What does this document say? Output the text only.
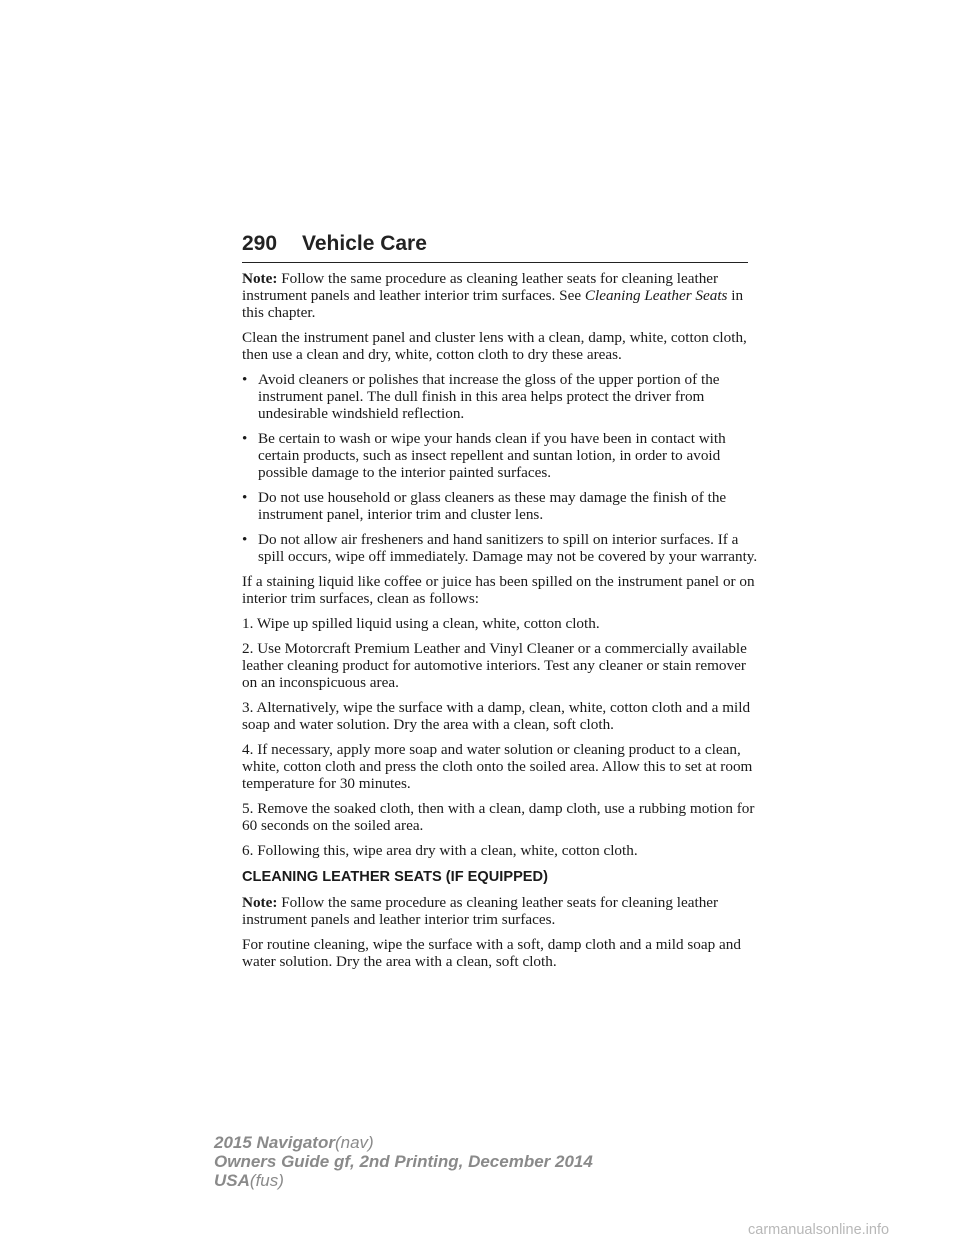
290 Vehicle Care

Note: Follow the same procedure as cleaning leather seats for cleaning leather instrument panels and leather interior trim surfaces. See Cleaning Leather Seats in this chapter.

Clean the instrument panel and cluster lens with a clean, damp, white, cotton cloth, then use a clean and dry, white, cotton cloth to dry these areas.

• Avoid cleaners or polishes that increase the gloss of the upper portion of the instrument panel. The dull finish in this area helps protect the driver from undesirable windshield reflection.
• Be certain to wash or wipe your hands clean if you have been in contact with certain products, such as insect repellent and suntan lotion, in order to avoid possible damage to the interior painted surfaces.
• Do not use household or glass cleaners as these may damage the finish of the instrument panel, interior trim and cluster lens.
• Do not allow air fresheners and hand sanitizers to spill on interior surfaces. If a spill occurs, wipe off immediately. Damage may not be covered by your warranty.

If a staining liquid like coffee or juice has been spilled on the instrument panel or on interior trim surfaces, clean as follows:

1. Wipe up spilled liquid using a clean, white, cotton cloth.

2. Use Motorcraft Premium Leather and Vinyl Cleaner or a commercially available leather cleaning product for automotive interiors. Test any cleaner or stain remover on an inconspicuous area.

3. Alternatively, wipe the surface with a damp, clean, white, cotton cloth and a mild soap and water solution. Dry the area with a clean, soft cloth.

4. If necessary, apply more soap and water solution or cleaning product to a clean, white, cotton cloth and press the cloth onto the soiled area. Allow this to set at room temperature for 30 minutes.

5. Remove the soaked cloth, then with a clean, damp cloth, use a rubbing motion for 60 seconds on the soiled area.

6. Following this, wipe area dry with a clean, white, cotton cloth.

CLEANING LEATHER SEATS (IF EQUIPPED)

Note: Follow the same procedure as cleaning leather seats for cleaning leather instrument panels and leather interior trim surfaces.

For routine cleaning, wipe the surface with a soft, damp cloth and a mild soap and water solution. Dry the area with a clean, soft cloth.

2015 Navigator(nav)
Owners Guide gf, 2nd Printing, December 2014
USA(fus)
carmanualsonline.info
